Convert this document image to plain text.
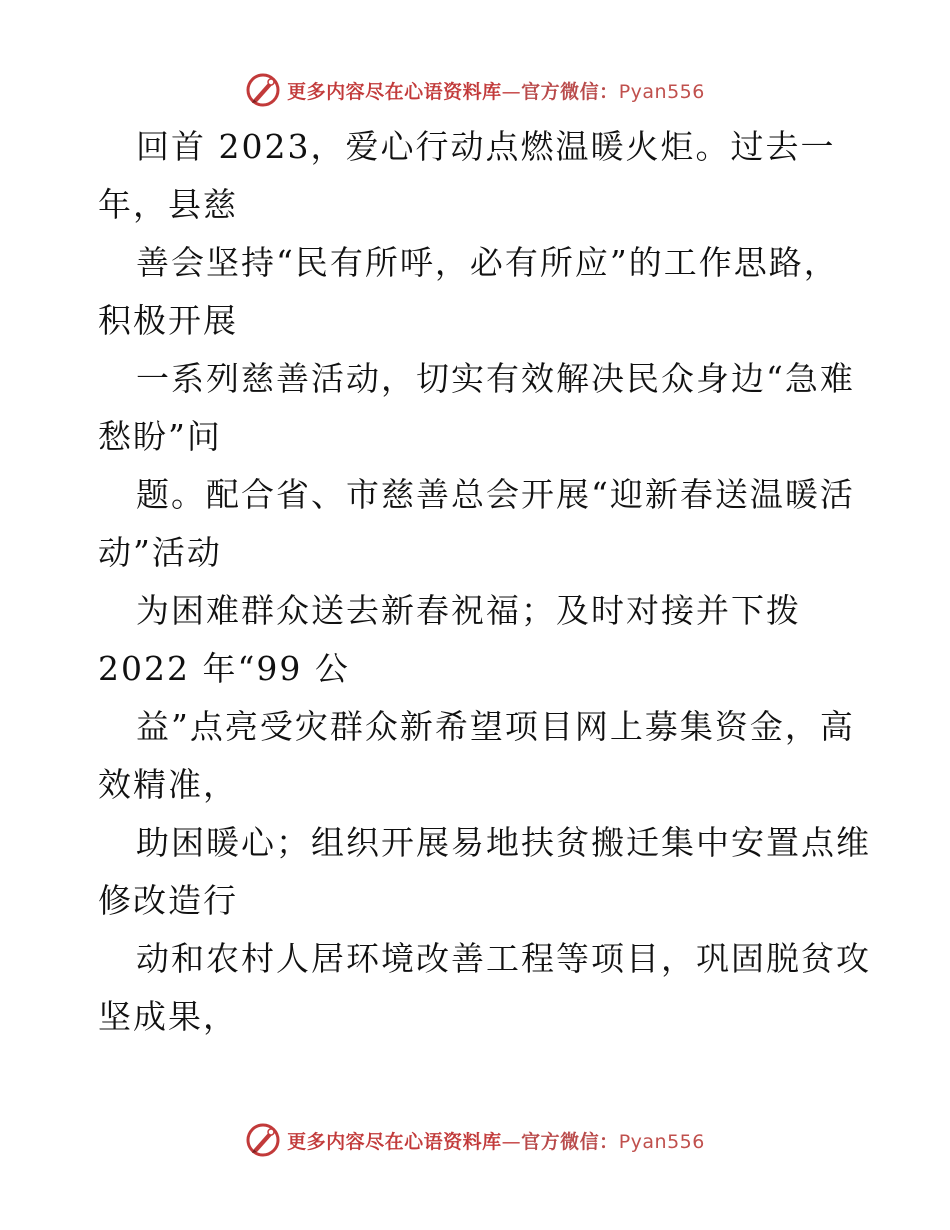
更多内容尽在心语资料库—官方微信：Pyan556
回首 2023，爱心行动点燃温暖火炬。过去一
年，县慈
善会坚持“民有所呼，必有所应”的工作思路，
积极开展
一系列慈善活动，切实有效解决民众身边“急难
愁盼”问
题。配合省、市慈善总会开展“迎新春送温暖活
动”活动
为困难群众送去新春祝福；及时对接并下拨
2022 年“99 公
益”点亮受灾群众新希望项目网上募集资金，高
效精准，
助困暖心；组织开展易地扶贫搬迁集中安置点维
修改造行
动和农村人居环境改善工程等项目，巩固脱贫攻
坚成果，
更多内容尽在心语资料库—官方微信：Pyan556
